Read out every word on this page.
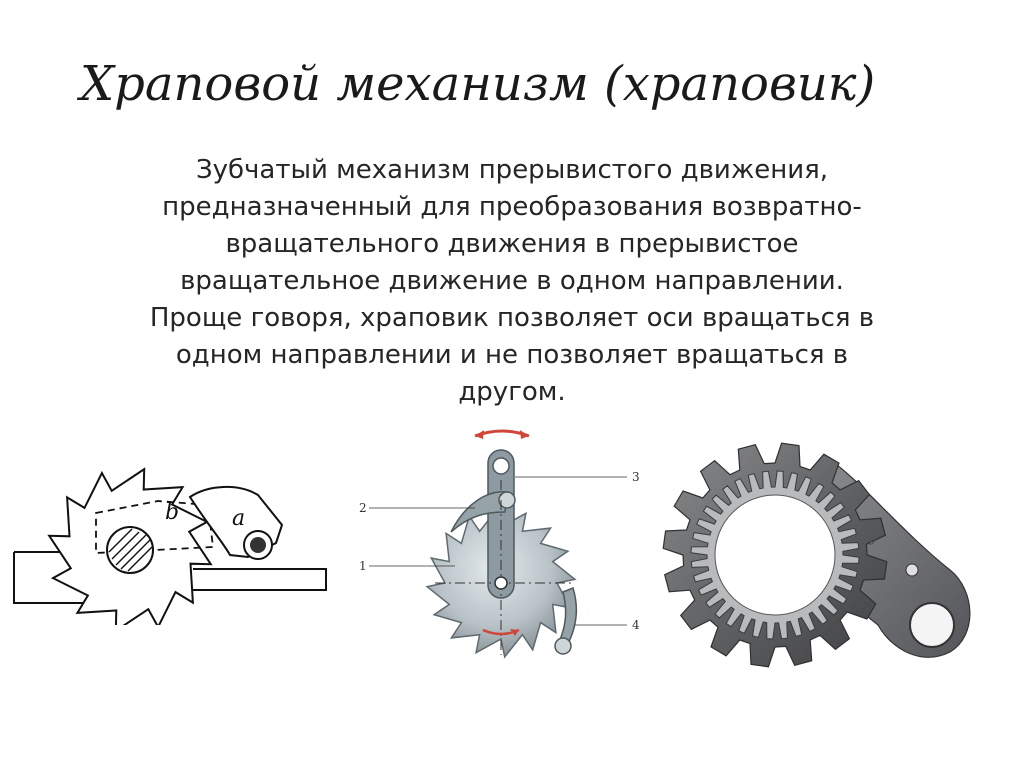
Храповой механизм (храповик)
Зубчатый механизм прерывистого движения,
предназначенный для преобразования возвратно-
вращательного движения в прерывистое
вращательное движение в одном направлении.
Проще говоря, храповик позволяет оси вращаться в
одном направлении и не позволяет вращаться в
другом.
b a	2
1
3
4
